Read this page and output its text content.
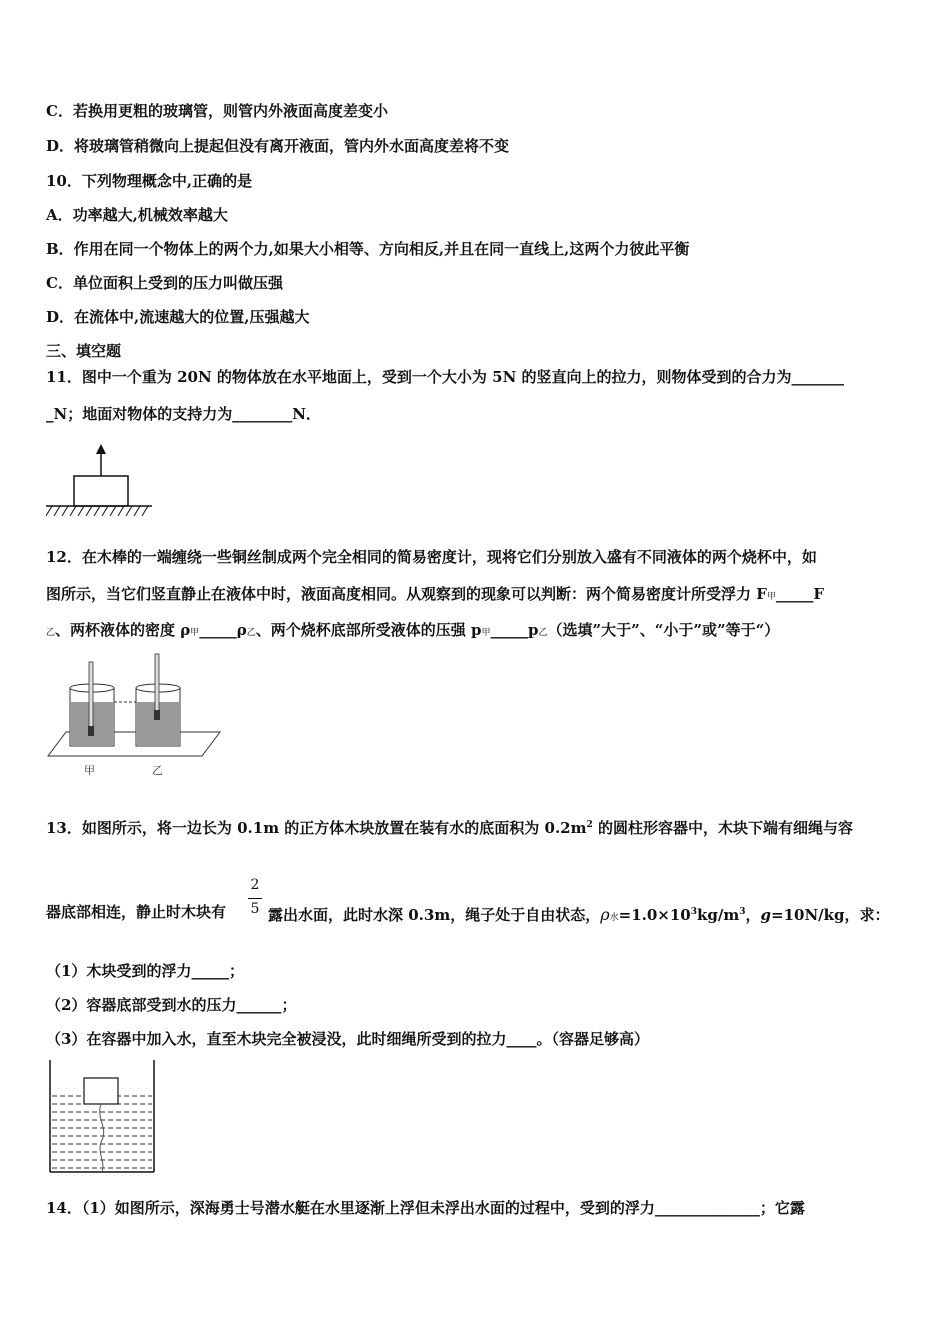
C．若换用更粗的玻璃管，则管内外液面高度差变小
D．将玻璃管稍微向上提起但没有离开液面，管内外水面高度差将不变
10．下列物理概念中,正确的是
A．功率越大,机械效率越大
B．作用在同一个物体上的两个力,如果大小相等、方向相反,并且在同一直线上,这两个力彼此平衡
C．单位面积上受到的压力叫做压强
D．在流体中,流速越大的位置,压强越大
三、填空题
11．图中一个重为 20N 的物体放在水平地面上，受到一个大小为 5N 的竖直向上的拉力，则物体受到的合力为_______
_N；地面对物体的支持力为________N．
12．在木棒的一端缠绕一些铜丝制成两个完全相同的简易密度计，现将它们分别放入盛有不同液体的两个烧杯中，如
图所示，当它们竖直静止在液体中时，液面高度相同。从观察到的现象可以判断：两个简易密度计所受浮力 F甲_____F
乙、两杯液体的密度 ρ甲_____ρ乙、两个烧杯底部所受液体的压强 p甲_____p乙（选填”大于”、“小于”或”等于“）
甲	乙
13．如图所示，将一边长为 0.1m 的正方体木块放置在装有水的底面积为 $0.2m^2$ 的圆柱形容器中，木块下端有细绳与容
2
5
器底部相连，静止时木块有	露出水面，此时水深 0.3m，绳子处于自由状态，ρ水$=1.0\times 10^3kg/m^3$，g=10N/kg，求：
（1）木块受到的浮力_____；
（2）容器底部受到水的压力______；
（3）在容器中加入水，直至木块完全被浸没，此时细绳所受到的拉力____。（容器足够高）
14．（1）如图所示，深海勇士号潜水艇在水里逐渐上浮但未浮出水面的过程中，受到的浮力______________；它露
